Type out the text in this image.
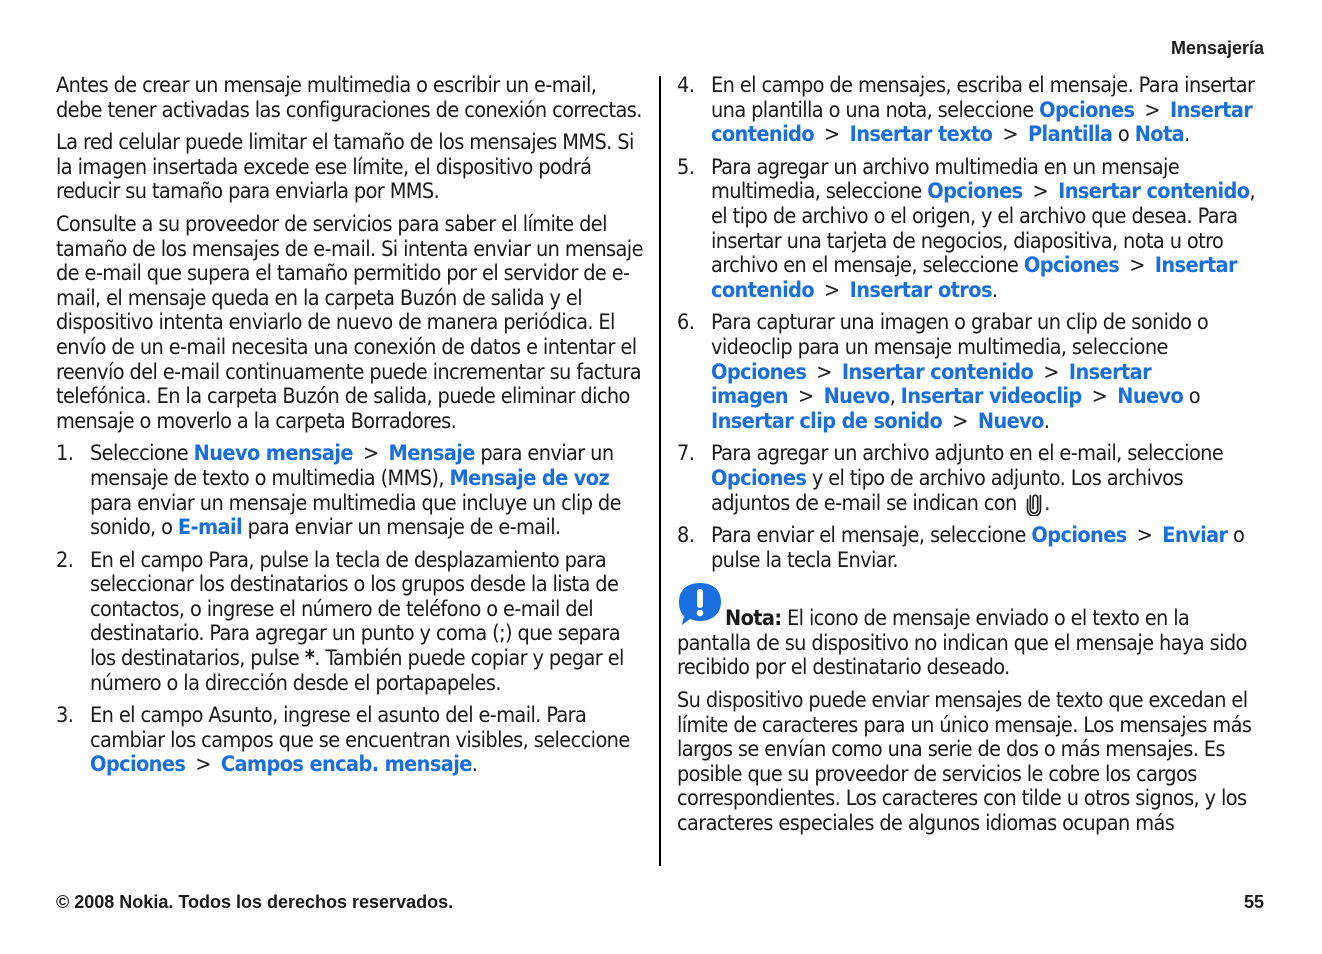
Mensajería

Antes de crear un mensaje multimedia o escribir un e-mail, debe tener activadas las configuraciones de conexión correctas.

La red celular puede limitar el tamaño de los mensajes MMS. Si la imagen insertada excede ese límite, el dispositivo podrá reducir su tamaño para enviarla por MMS.

Consulte a su proveedor de servicios para saber el límite del tamaño de los mensajes de e-mail. Si intenta enviar un mensaje de e-mail que supera el tamaño permitido por el servidor de e-mail, el mensaje queda en la carpeta Buzón de salida y el dispositivo intenta enviarlo de nuevo de manera periódica. El envío de un e-mail necesita una conexión de datos e intentar el reenvío del e-mail continuamente puede incrementar su factura telefónica. En la carpeta Buzón de salida, puede eliminar dicho mensaje o moverlo a la carpeta Borradores.

1. Seleccione Nuevo mensaje > Mensaje para enviar un mensaje de texto o multimedia (MMS), Mensaje de voz para enviar un mensaje multimedia que incluye un clip de sonido, o E-mail para enviar un mensaje de e-mail.
2. En el campo Para, pulse la tecla de desplazamiento para seleccionar los destinatarios o los grupos desde la lista de contactos, o ingrese el número de teléfono o e-mail del destinatario. Para agregar un punto y coma (;) que separa los destinatarios, pulse *. También puede copiar y pegar el número o la dirección desde el portapapeles.
3. En el campo Asunto, ingrese el asunto del e-mail. Para cambiar los campos que se encuentran visibles, seleccione Opciones > Campos encab. mensaje.
4. En el campo de mensajes, escriba el mensaje. Para insertar una plantilla o una nota, seleccione Opciones > Insertar contenido > Insertar texto > Plantilla o Nota.
5. Para agregar un archivo multimedia en un mensaje multimedia, seleccione Opciones > Insertar contenido, el tipo de archivo o el origen, y el archivo que desea. Para insertar una tarjeta de negocios, diapositiva, nota u otro archivo en el mensaje, seleccione Opciones > Insertar contenido > Insertar otros.
6. Para capturar una imagen o grabar un clip de sonido o videoclip para un mensaje multimedia, seleccione Opciones > Insertar contenido > Insertar imagen > Nuevo, Insertar videoclip > Nuevo o Insertar clip de sonido > Nuevo.
7. Para agregar un archivo adjunto en el e-mail, seleccione Opciones y el tipo de archivo adjunto. Los archivos adjuntos de e-mail se indican con .
8. Para enviar el mensaje, seleccione Opciones > Enviar o pulse la tecla Enviar.
Nota: El icono de mensaje enviado o el texto en la

pantalla de su dispositivo no indican que el mensaje haya sido recibido por el destinatario deseado.

Su dispositivo puede enviar mensajes de texto que excedan el límite de caracteres para un único mensaje. Los mensajes más largos se envían como una serie de dos o más mensajes. Es posible que su proveedor de servicios le cobre los cargos correspondientes. Los caracteres con tilde u otros signos, y los caracteres especiales de algunos idiomas ocupan más

© 2008 Nokia. Todos los derechos reservados.	55
